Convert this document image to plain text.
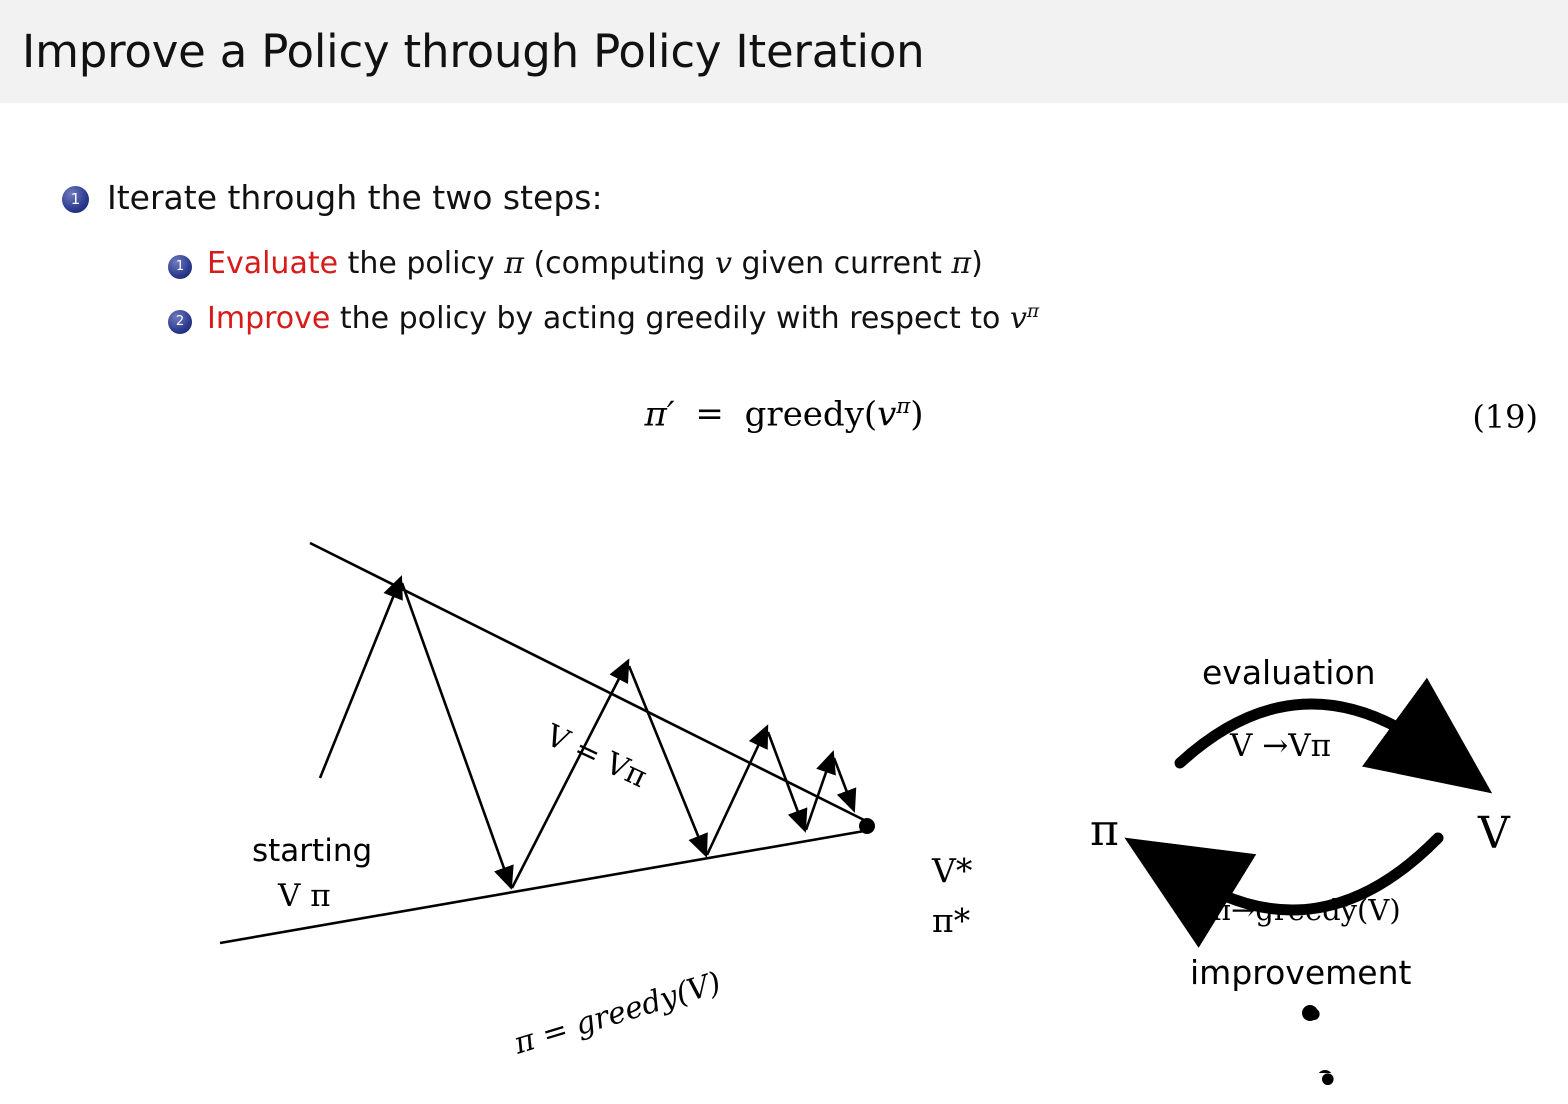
Improve a Policy through Policy Iteration
1 Iterate through the two steps:
1 Evaluate the policy π (computing v given current π)
2 Improve the policy by acting greedily with respect to $v^\pi$
$\pi' = greedy(v^\pi)$	(19)
starting
V π
V = Vπ
π = greedy(V)
V*
π*
evaluation
V →Vπ
π	V
π→greedy(V)
improvement
•
•
